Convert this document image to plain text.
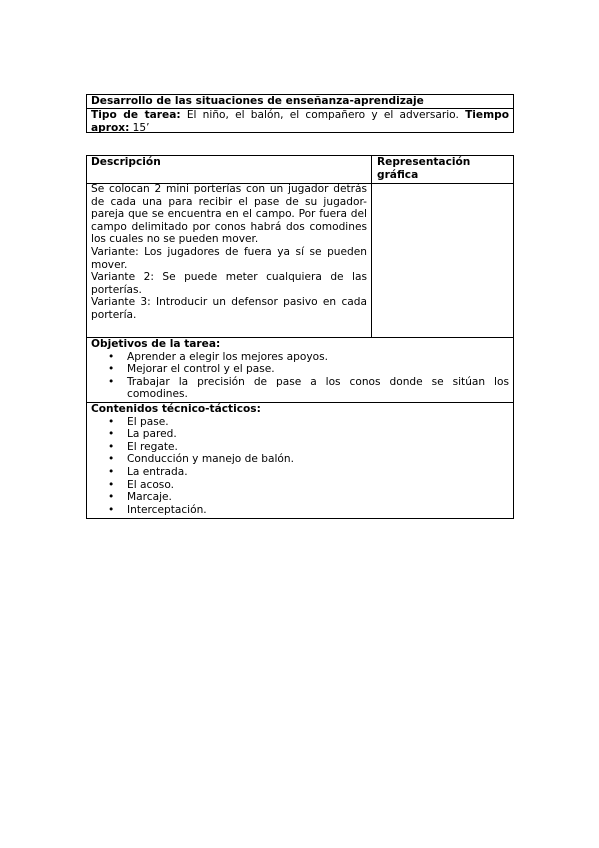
Desarrollo de las situaciones de enseñanza-aprendizaje
Tipo de tarea: El niño, el balón, el compañero y el adversario. Tiempo aprox: 15’
Descripción	Representación gráfica

Se colocan 2 mini porterías con un jugador detrás de cada una para recibir el pase de su jugador-pareja que se encuentra en el campo. Por fuera del campo delimitado por conos habrá dos comodines los cuales no se pueden mover.

Variante: Los jugadores de fuera ya sí se pueden mover.

Variante 2: Se puede meter cualquiera de las porterías.

Variante 3: Introducir un defensor pasivo en cada portería.

Objetivos de la tarea:
• Aprender a elegir los mejores apoyos.
• Mejorar el control y el pase.
• Trabajar la precisión de pase a los conos donde se sitúan los comodines.
Contenidos técnico-tácticos:
• El pase.
• La pared.
• El regate.
• Conducción y manejo de balón.
• La entrada.
• El acoso.
• Marcaje.
• Interceptación.
